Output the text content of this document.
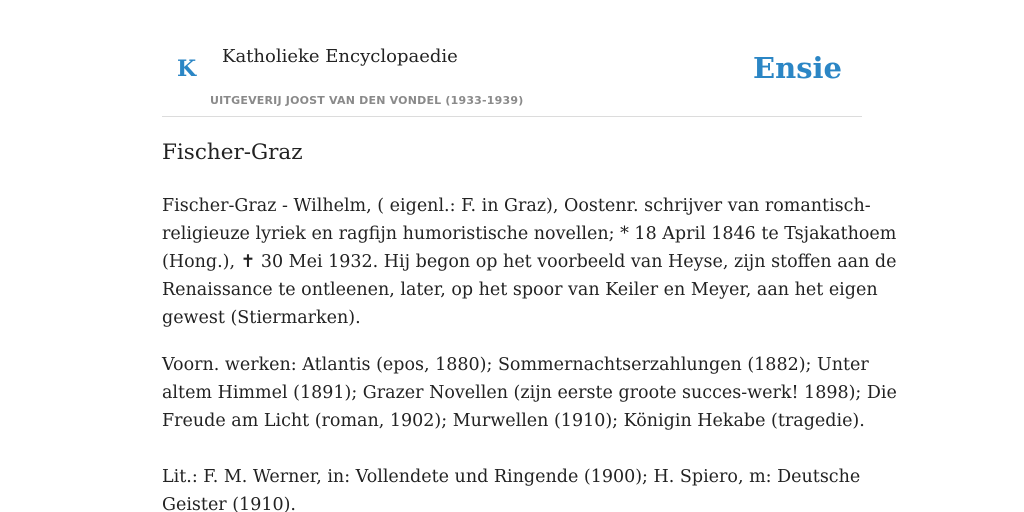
K Katholieke Encyclopaedie
UITGEVERIJ JOOST VAN DEN VONDEL (1933-1939)
Ensie
Fischer-Graz

Fischer-Graz - Wilhelm, ( eigenl.: F. in Graz), Oostenr. schrijver van romantisch-
religieuze lyriek en ragfijn humoristische novellen; * 18 April 1846 te Tsjakathoem
(Hong.), ✝ 30 Mei 1932. Hij begon op het voorbeeld van Heyse, zijn stoffen aan de
Renaissance te ontleenen, later, op het spoor van Keiler en Meyer, aan het eigen
gewest (Stiermarken).

Voorn. werken: Atlantis (epos, 1880); Sommernachtserzahlungen (1882); Unter
altem Himmel (1891); Grazer Novellen (zijn eerste groote succes-werk! 1898); Die
Freude am Licht (roman, 1902); Murwellen (1910); Königin Hekabe (tragedie).

Lit.: F. M. Werner, in: Vollendete und Ringende (1900); H. Spiero, m: Deutsche
Geister (1910).
